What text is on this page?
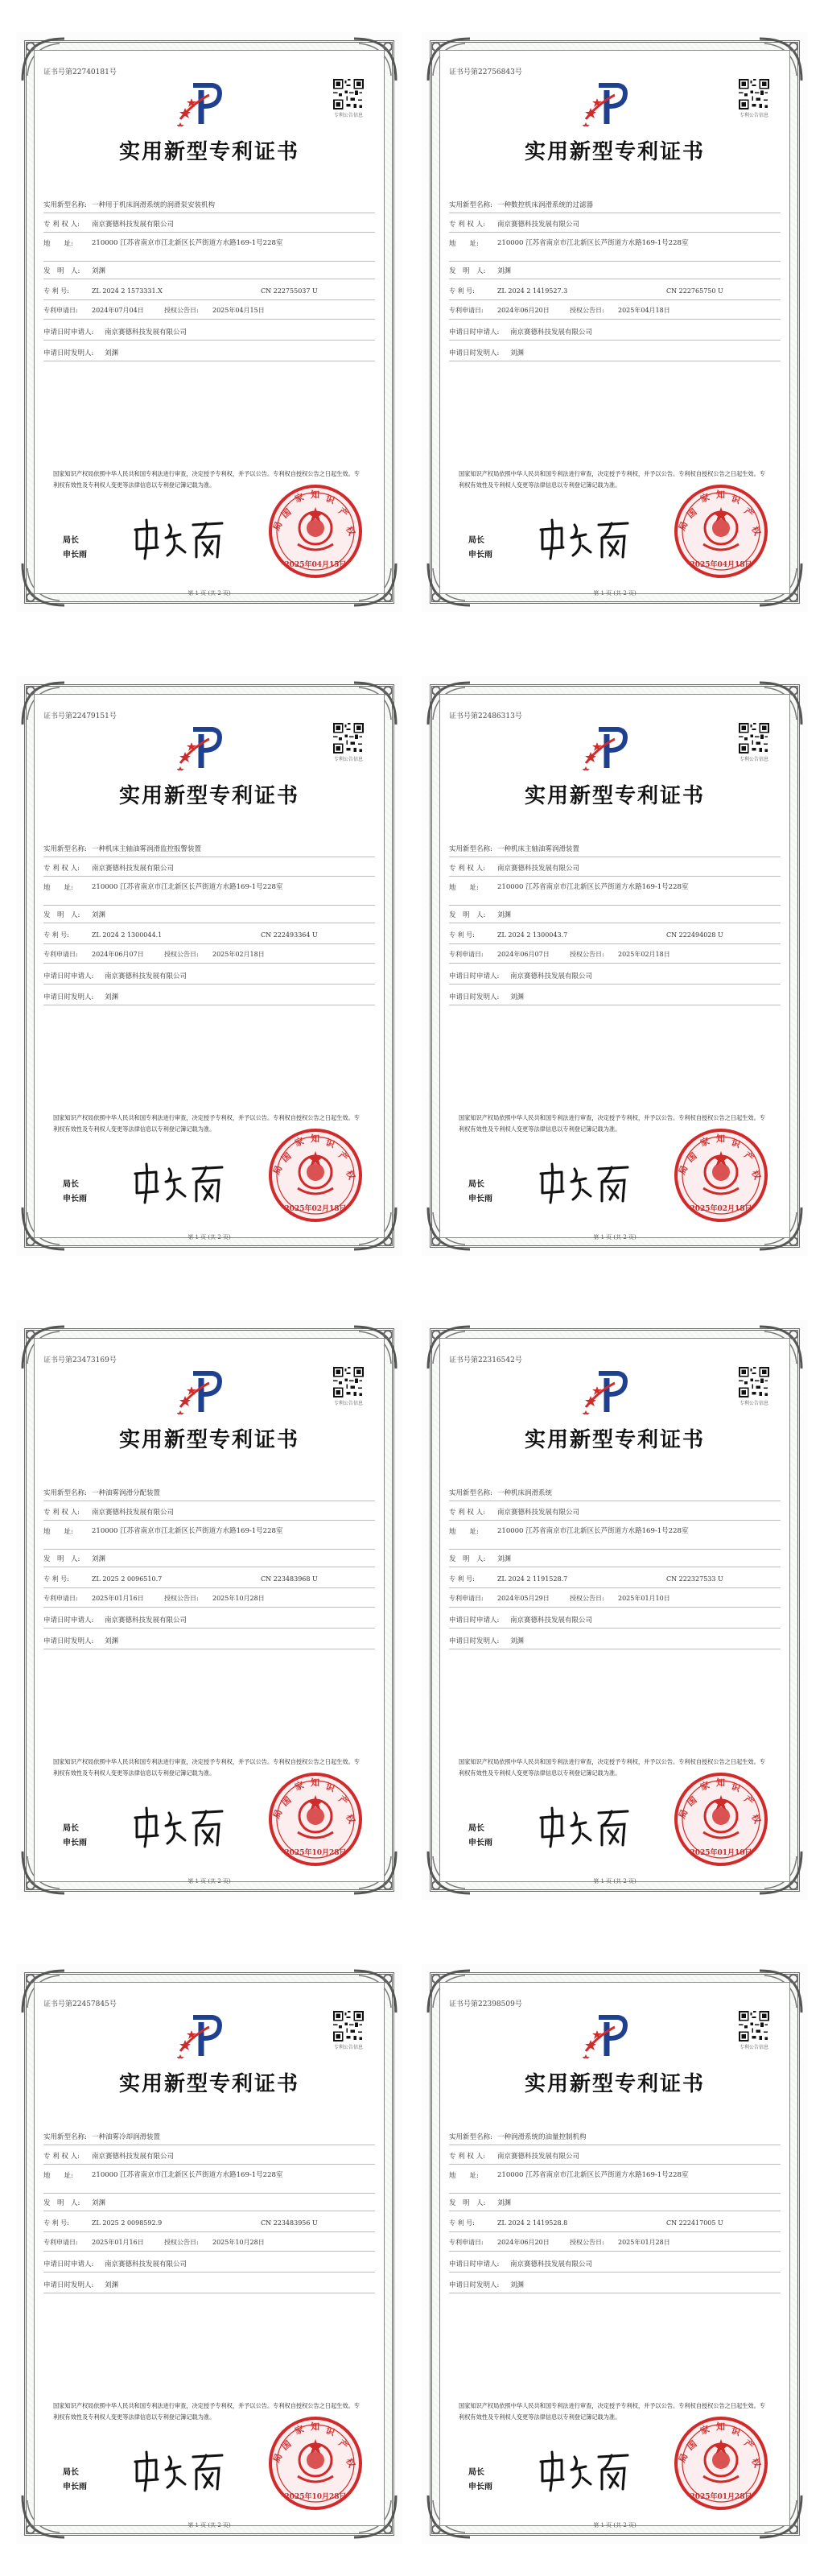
证书号第22740181号
专利公告信息
实用新型专利证书
实用新型名称: 一种用于机床润滑系统的润滑泵安装机构
专 利 权 人: 南京赛德科技发展有限公司
地　　址:	210000 江苏省南京市江北新区长芦街道方水路169-1号228室
发　明　人: 刘渊
专 利 号:	ZL 2024 2 1573331.X	CN 222755037 U
专利申请日: 2024年07月04日	授权公告日: 2025年04月15日
申请日时申请人: 南京赛德科技发展有限公司
申请日时发明人: 刘渊
国家知识产权局依照中华人民共和国专利法进行审查，决定授予专利权，并予以公告。专利权自授权公告之日起生效。专利权有效性及专利权人变更等法律信息以专利登记簿记载为准。
局长
申长雨
国
家 知 识
产
权
局
2025年04月15日
第 1 页 (共 2 页)
证书号第22756843号
专利公告信息
实用新型专利证书
实用新型名称: 一种数控机床润滑系统的过滤器
专 利 权 人: 南京赛德科技发展有限公司
地　　址:	210000 江苏省南京市江北新区长芦街道方水路169-1号228室
发　明　人: 刘渊
专 利 号:	ZL 2024 2 1419527.3	CN 222765750 U
专利申请日: 2024年06月20日	授权公告日: 2025年04月18日
申请日时申请人: 南京赛德科技发展有限公司
申请日时发明人: 刘渊
国家知识产权局依照中华人民共和国专利法进行审查，决定授予专利权，并予以公告。专利权自授权公告之日起生效。专利权有效性及专利权人变更等法律信息以专利登记簿记载为准。
局长
申长雨
国
家 知 识
产
权
局
2025年04月18日
第 1 页 (共 2 页)
证书号第22479151号
专利公告信息
实用新型专利证书
实用新型名称: 一种机床主轴油雾润滑监控报警装置
专 利 权 人: 南京赛德科技发展有限公司
地　　址:	210000 江苏省南京市江北新区长芦街道方水路169-1号228室
发　明　人: 刘渊
专 利 号:	ZL 2024 2 1300044.1	CN 222493364 U
专利申请日: 2024年06月07日	授权公告日: 2025年02月18日
申请日时申请人: 南京赛德科技发展有限公司
申请日时发明人: 刘渊
国家知识产权局依照中华人民共和国专利法进行审查，决定授予专利权，并予以公告。专利权自授权公告之日起生效。专利权有效性及专利权人变更等法律信息以专利登记簿记载为准。
局长
申长雨
国
家 知 识
产
权
局
2025年02月18日
第 1 页 (共 2 页)
证书号第22486313号
专利公告信息
实用新型专利证书
实用新型名称: 一种机床主轴油雾润滑装置
专 利 权 人: 南京赛德科技发展有限公司
地　　址:	210000 江苏省南京市江北新区长芦街道方水路169-1号228室
发　明　人: 刘渊
专 利 号:	ZL 2024 2 1300043.7	CN 222494028 U
专利申请日: 2024年06月07日	授权公告日: 2025年02月18日
申请日时申请人: 南京赛德科技发展有限公司
申请日时发明人: 刘渊
国家知识产权局依照中华人民共和国专利法进行审查，决定授予专利权，并予以公告。专利权自授权公告之日起生效。专利权有效性及专利权人变更等法律信息以专利登记簿记载为准。
局长
申长雨
国
家 知 识
产
权
局
2025年02月18日
第 1 页 (共 2 页)
证书号第23473169号
专利公告信息
实用新型专利证书
实用新型名称: 一种油雾润滑分配装置
专 利 权 人: 南京赛德科技发展有限公司
地　　址:	210000 江苏省南京市江北新区长芦街道方水路169-1号228室
发　明　人: 刘渊
专 利 号:	ZL 2025 2 0096510.7	CN 223483968 U
专利申请日: 2025年01月16日	授权公告日: 2025年10月28日
申请日时申请人: 南京赛德科技发展有限公司
申请日时发明人: 刘渊
国家知识产权局依照中华人民共和国专利法进行审查，决定授予专利权，并予以公告。专利权自授权公告之日起生效。专利权有效性及专利权人变更等法律信息以专利登记簿记载为准。
局长
申长雨
国
家 知 识
产
权
局
2025年10月28日
第 1 页 (共 2 页)
证书号第22316542号
专利公告信息
实用新型专利证书
实用新型名称: 一种机床润滑系统
专 利 权 人: 南京赛德科技发展有限公司
地　　址:	210000 江苏省南京市江北新区长芦街道方水路169-1号228室
发　明　人: 刘渊
专 利 号:	ZL 2024 2 1191528.7	CN 222327533 U
专利申请日: 2024年05月29日	授权公告日: 2025年01月10日
申请日时申请人: 南京赛德科技发展有限公司
申请日时发明人: 刘渊
国家知识产权局依照中华人民共和国专利法进行审查，决定授予专利权，并予以公告。专利权自授权公告之日起生效。专利权有效性及专利权人变更等法律信息以专利登记簿记载为准。
局长
申长雨
国
家 知 识
产
权
局
2025年01月10日
第 1 页 (共 2 页)
证书号第22457845号
专利公告信息
实用新型专利证书
实用新型名称: 一种油雾冷却润滑装置
专 利 权 人: 南京赛德科技发展有限公司
地　　址:	210000 江苏省南京市江北新区长芦街道方水路169-1号228室
发　明　人: 刘渊
专 利 号:	ZL 2025 2 0098592.9	CN 223483956 U
专利申请日: 2025年01月16日	授权公告日: 2025年10月28日
申请日时申请人: 南京赛德科技发展有限公司
申请日时发明人: 刘渊
国家知识产权局依照中华人民共和国专利法进行审查，决定授予专利权，并予以公告。专利权自授权公告之日起生效。专利权有效性及专利权人变更等法律信息以专利登记簿记载为准。
局长
申长雨
国
家 知 识
产
权
局
2025年10月28日
第 1 页 (共 2 页)
证书号第22398509号
专利公告信息
实用新型专利证书
实用新型名称: 一种润滑系统的油量控制机构
专 利 权 人: 南京赛德科技发展有限公司
地　　址:	210000 江苏省南京市江北新区长芦街道方水路169-1号228室
发　明　人: 刘渊
专 利 号:	ZL 2024 2 1419528.8	CN 222417005 U
专利申请日: 2024年06月20日	授权公告日: 2025年01月28日
申请日时申请人: 南京赛德科技发展有限公司
申请日时发明人: 刘渊
国家知识产权局依照中华人民共和国专利法进行审查，决定授予专利权，并予以公告。专利权自授权公告之日起生效。专利权有效性及专利权人变更等法律信息以专利登记簿记载为准。
局长
申长雨
国
家 知 识
产
权
局
2025年01月28日
第 1 页 (共 2 页)
